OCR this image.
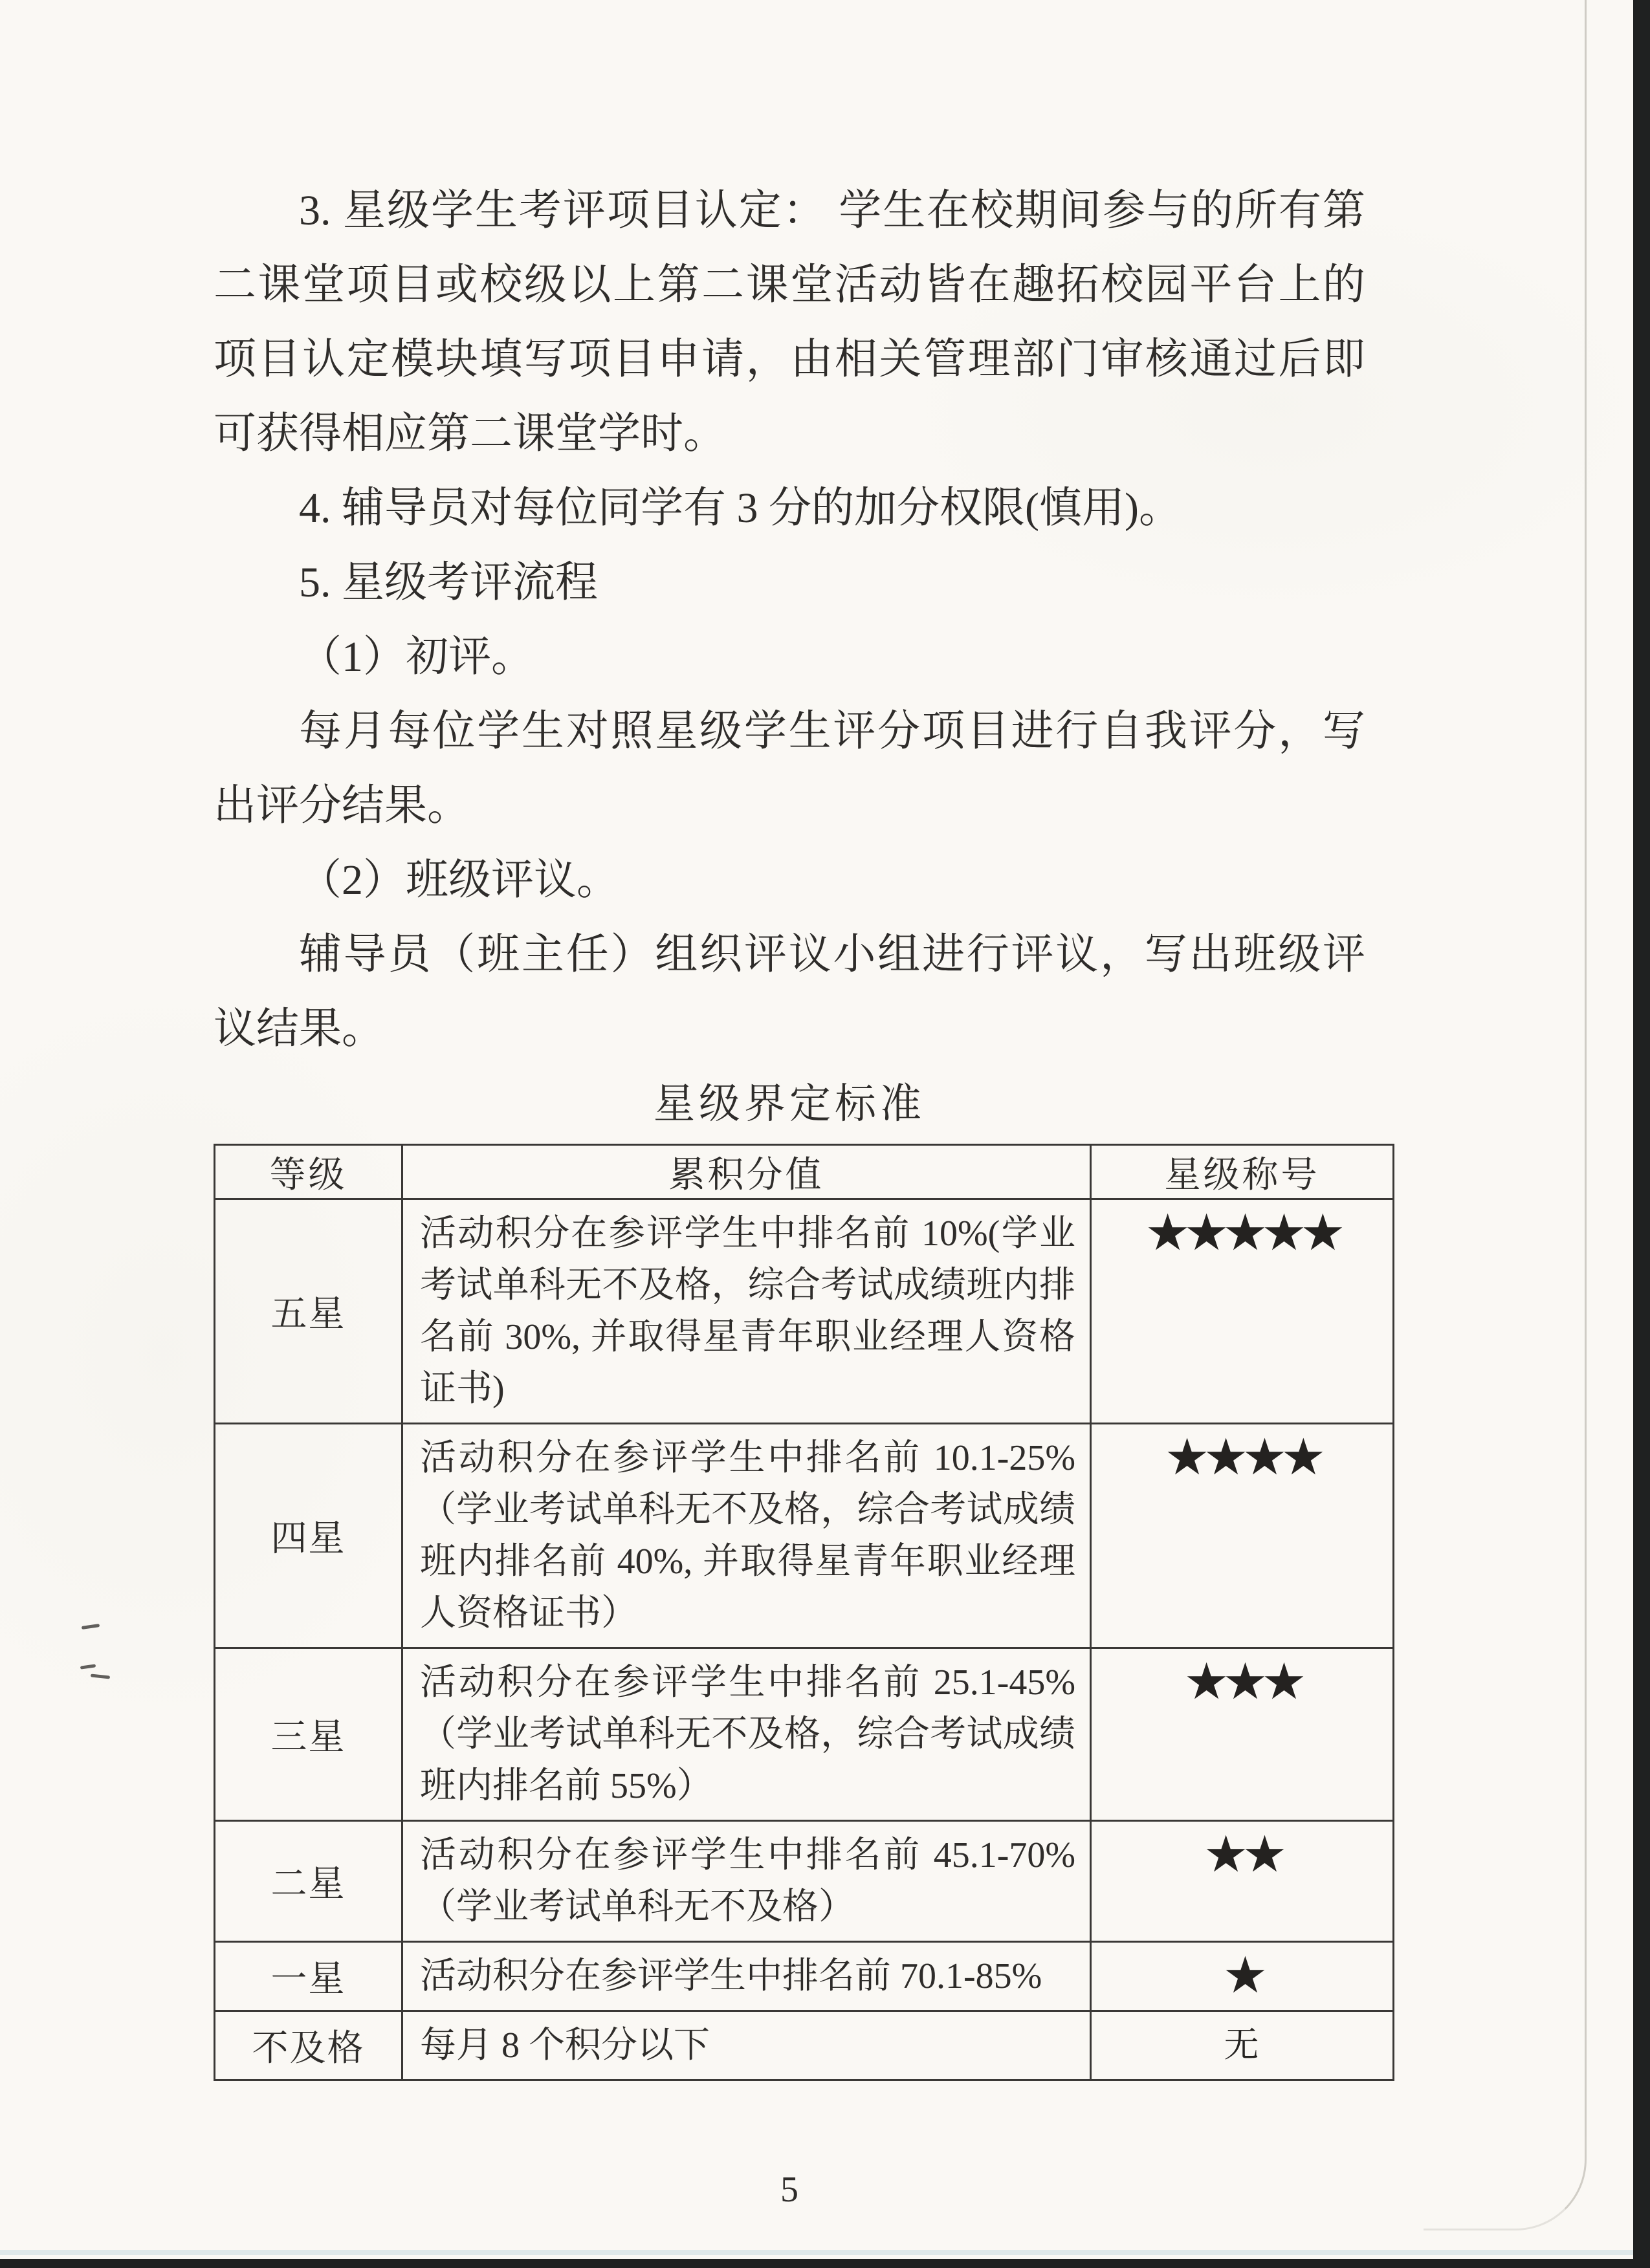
3. 星级学生考评项目认定： 学生在校期间参与的所有第二课堂项目或校级以上第二课堂活动皆在趣拓校园平台上的项目认定模块填写项目申请，由相关管理部门审核通过后即可获得相应第二课堂学时。

4. 辅导员对每位同学有 3 分的加分权限(慎用)。

5. 星级考评流程

（1）初评。

每月每位学生对照星级学生评分项目进行自我评分，写出评分结果。

（2）班级评议。

辅导员（班主任）组织评议小组进行评议，写出班级评议结果。

星级界定标准
等级	累积分值	星级称号
五星	活动积分在参评学生中排名前 10%(学业考试单科无不及格，综合考试成绩班内排名前 30%, 并取得星青年职业经理人资格证书)	★★★★★
四星	活动积分在参评学生中排名前 10.1-25%（学业考试单科无不及格，综合考试成绩班内排名前 40%, 并取得星青年职业经理人资格证书）	★★★★
三星	活动积分在参评学生中排名前 25.1-45%（学业考试单科无不及格，综合考试成绩班内排名前 55%）	★★★
二星	活动积分在参评学生中排名前 45.1-70%（学业考试单科无不及格）	★★
一星	活动积分在参评学生中排名前 70.1-85%	★
不及格	每月 8 个积分以下	无
5
